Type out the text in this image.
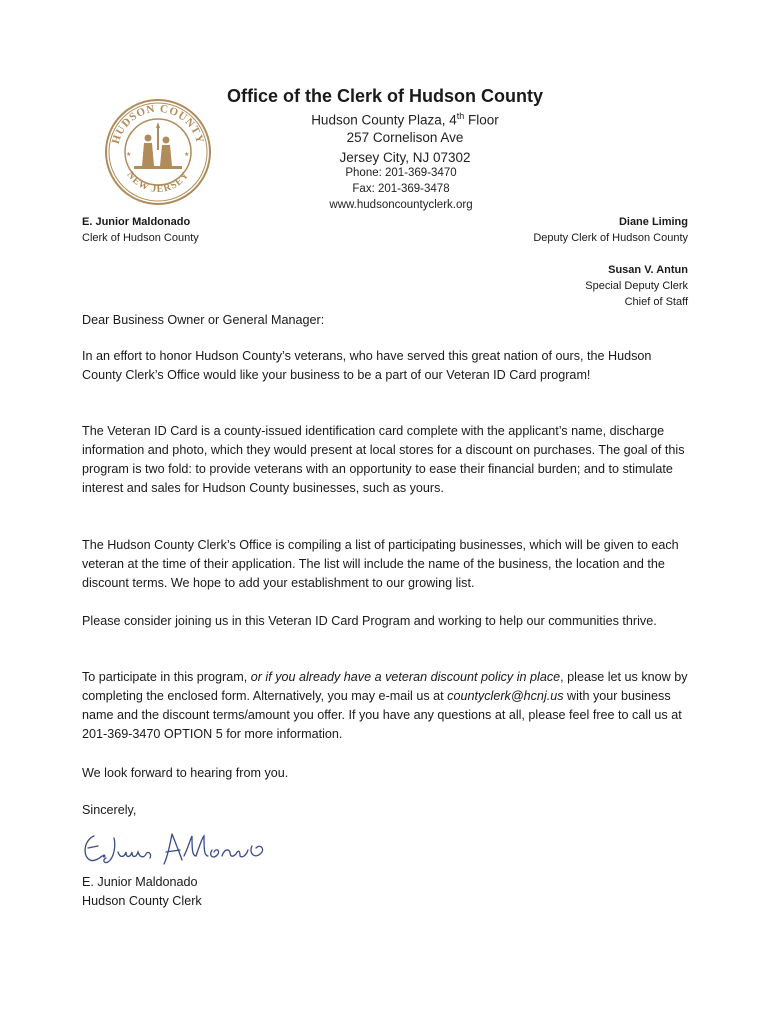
HUDSON COUNTY
NEW JERSEY
★	★
Office of the Clerk of Hudson County
Hudson County Plaza, 4th Floor
257 Cornelison Ave
Jersey City, NJ 07302
Phone: 201-369-3470
Fax: 201-369-3478
www.hudsoncountyclerk.org
E. Junior Maldonado
Clerk of Hudson County
Diane Liming
Deputy Clerk of Hudson County
Susan V. Antun
Special Deputy Clerk
Chief of Staff

Dear Business Owner or General Manager:

In an effort to honor Hudson County’s veterans, who have served this great nation of ours, the Hudson County Clerk’s Office would like your business to be a part of our Veteran ID Card program!

The Veteran ID Card is a county-issued identification card complete with the applicant’s name, discharge information and photo, which they would present at local stores for a discount on purchases. The goal of this program is two fold: to provide veterans with an opportunity to ease their financial burden; and to stimulate interest and sales for Hudson County businesses, such as yours.

The Hudson County Clerk’s Office is compiling a list of participating businesses, which will be given to each veteran at the time of their application. The list will include the name of the business, the location and the discount terms. We hope to add your establishment to our growing list.

Please consider joining us in this Veteran ID Card Program and working to help our communities thrive.

To participate in this program, or if you already have a veteran discount policy in place, please let us know by completing the enclosed form. Alternatively, you may e-mail us at countyclerk@hcnj.us with your business name and the discount terms/amount you offer. If you have any questions at all, please feel free to call us at 201-369-3470 OPTION 5 for more information.

We look forward to hearing from you.

Sincerely,

E. Junior Maldonado

Hudson County Clerk
